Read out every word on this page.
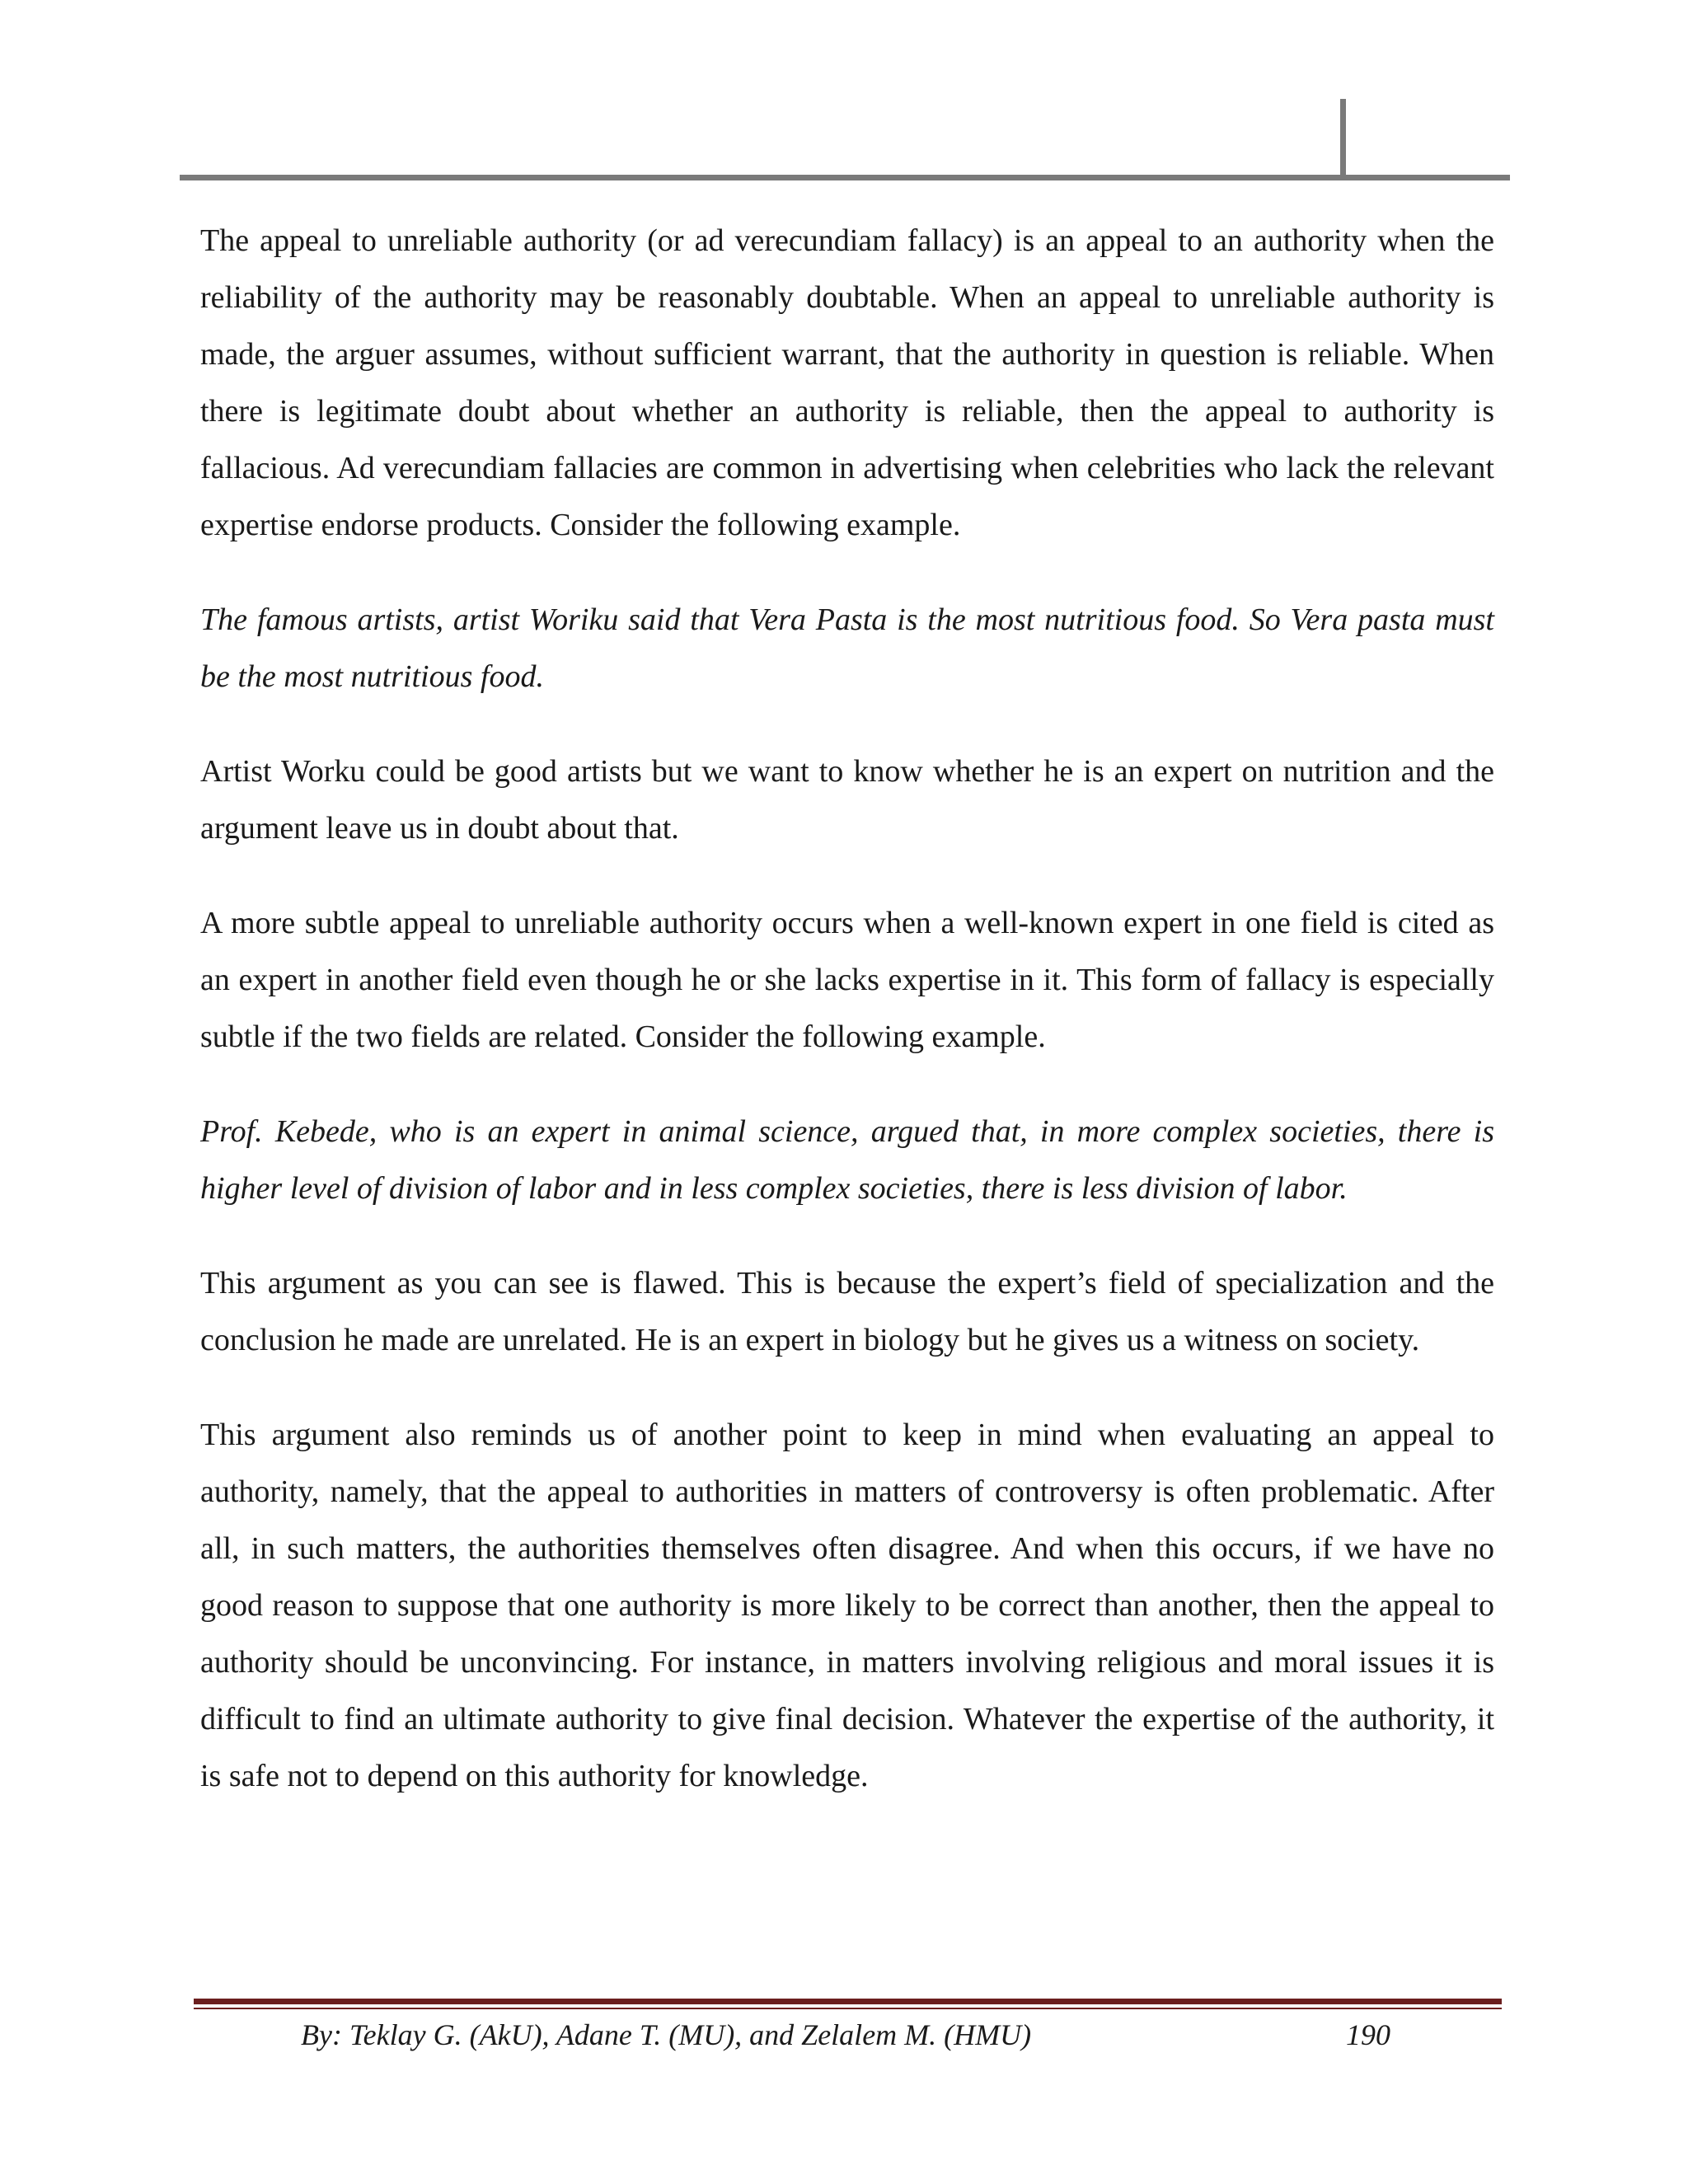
The appeal to unreliable authority (or ad verecundiam fallacy) is an appeal to an authority when the reliability of the authority may be reasonably doubtable. When an appeal to unreliable authority is made, the arguer assumes, without sufficient warrant, that the authority in question is reliable. When there is legitimate doubt about whether an authority is reliable, then the appeal to authority is fallacious. Ad verecundiam fallacies are common in advertising when celebrities who lack the relevant expertise endorse products. Consider the following example.

The famous artists, artist Woriku said that Vera Pasta is the most nutritious food. So Vera pasta must be the most nutritious food.

Artist Worku could be good artists but we want to know whether he is an expert on nutrition and the argument leave us in doubt about that.

A more subtle appeal to unreliable authority occurs when a well-known expert in one field is cited as an expert in another field even though he or she lacks expertise in it. This form of fallacy is especially subtle if the two fields are related. Consider the following example.

Prof. Kebede, who is an expert in animal science, argued that, in more complex societies, there is higher level of division of labor and in less complex societies, there is less division of labor.

This argument as you can see is flawed. This is because the expert’s field of specialization and the conclusion he made are unrelated. He is an expert in biology but he gives us a witness on society.

This argument also reminds us of another point to keep in mind when evaluating an appeal to authority, namely, that the appeal to authorities in matters of controversy is often problematic. After all, in such matters, the authorities themselves often disagree. And when this occurs, if we have no good reason to suppose that one authority is more likely to be correct than another, then the appeal to authority should be unconvincing. For instance, in matters involving religious and moral issues it is difficult to find an ultimate authority to give final decision. Whatever the expertise of the authority, it is safe not to depend on this authority for knowledge.

By: Teklay G. (AkU), Adane T. (MU), and Zelalem M. (HMU)	190
